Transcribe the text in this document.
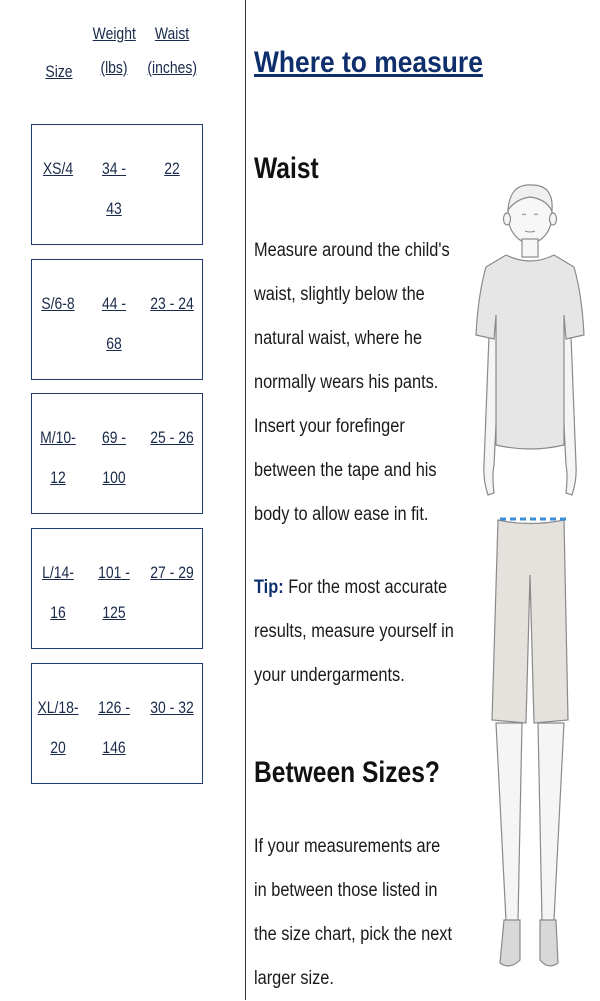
Size
Weight
(lbs)
Waist
(inches)
XS/4	34 -
43
22
S/6-8	44 -
68
23 - 24
M/10-
12
69 -
100
25 - 26
L/14-
16
101 -
125
27 - 29
XL/18-
20
126 -
146
30 - 32
Where to measure
Waist
Measure around the child's
waist, slightly below the
natural waist, where he
normally wears his pants.
Insert your forefinger
between the tape and his
body to allow ease in fit.
Tip: For the most accurate
results, measure yourself in
your undergarments.
Between Sizes?
If your measurements are
in between those listed in
the size chart, pick the next
larger size.
